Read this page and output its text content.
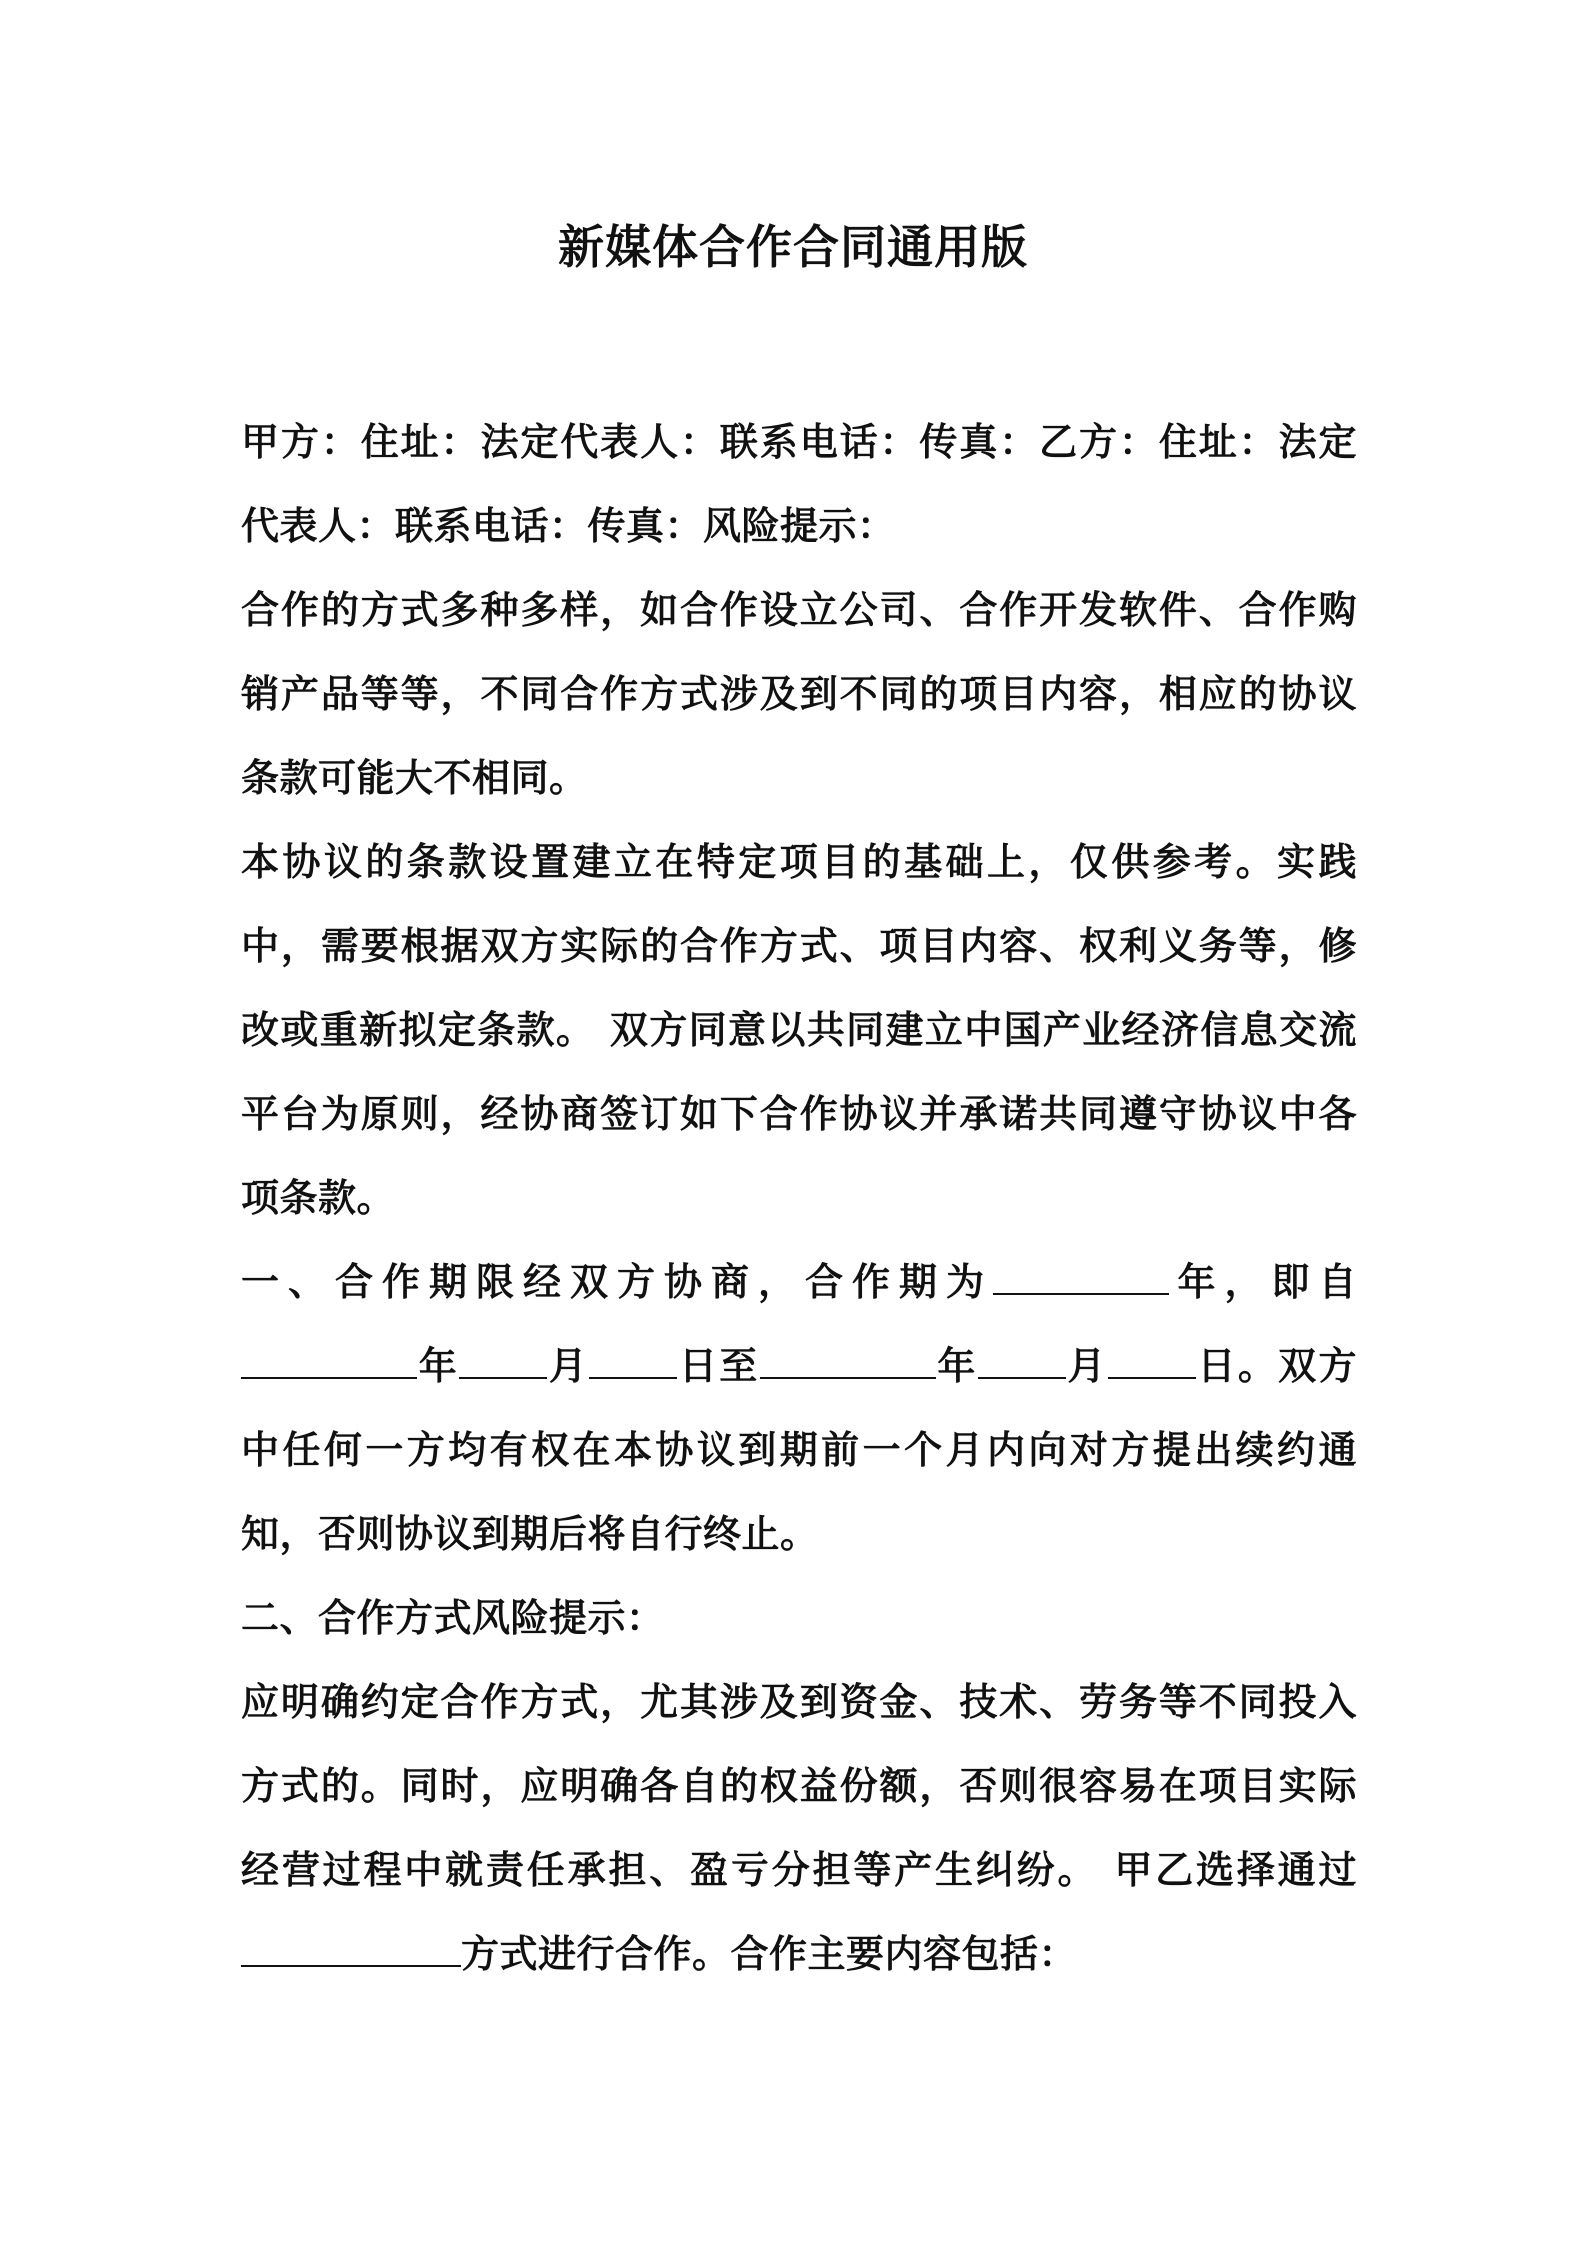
新媒体合作合同通用版

甲方：住址：法定代表人：联系电话：传真：乙方：住址：法定代表人：联系电话：传真：风险提示：

合作的方式多种多样，如合作设立公司、合作开发软件、合作购销产品等等，不同合作方式涉及到不同的项目内容，相应的协议条款可能大不相同。

本协议的条款设置建立在特定项目的基础上，仅供参考。实践中，需要根据双方实际的合作方式、项目内容、权利义务等，修改或重新拟定条款。 双方同意以共同建立中国产业经济信息交流平台为原则，经协商签订如下合作协议并承诺共同遵守协议中各项条款。

一、合作期限经双方协商，合作期为	年，即自年 月 日至	年 月 日。双方中任何一方均有权在本协议到期前一个月内向对方提出续约通知，否则协议到期后将自行终止。

二、合作方式风险提示：

应明确约定合作方式，尤其涉及到资金、技术、劳务等不同投入方式的。同时，应明确各自的权益份额，否则很容易在项目实际经营过程中就责任承担、盈亏分担等产生纠纷。 甲乙选择通过方式进行合作。合作主要内容包括：
